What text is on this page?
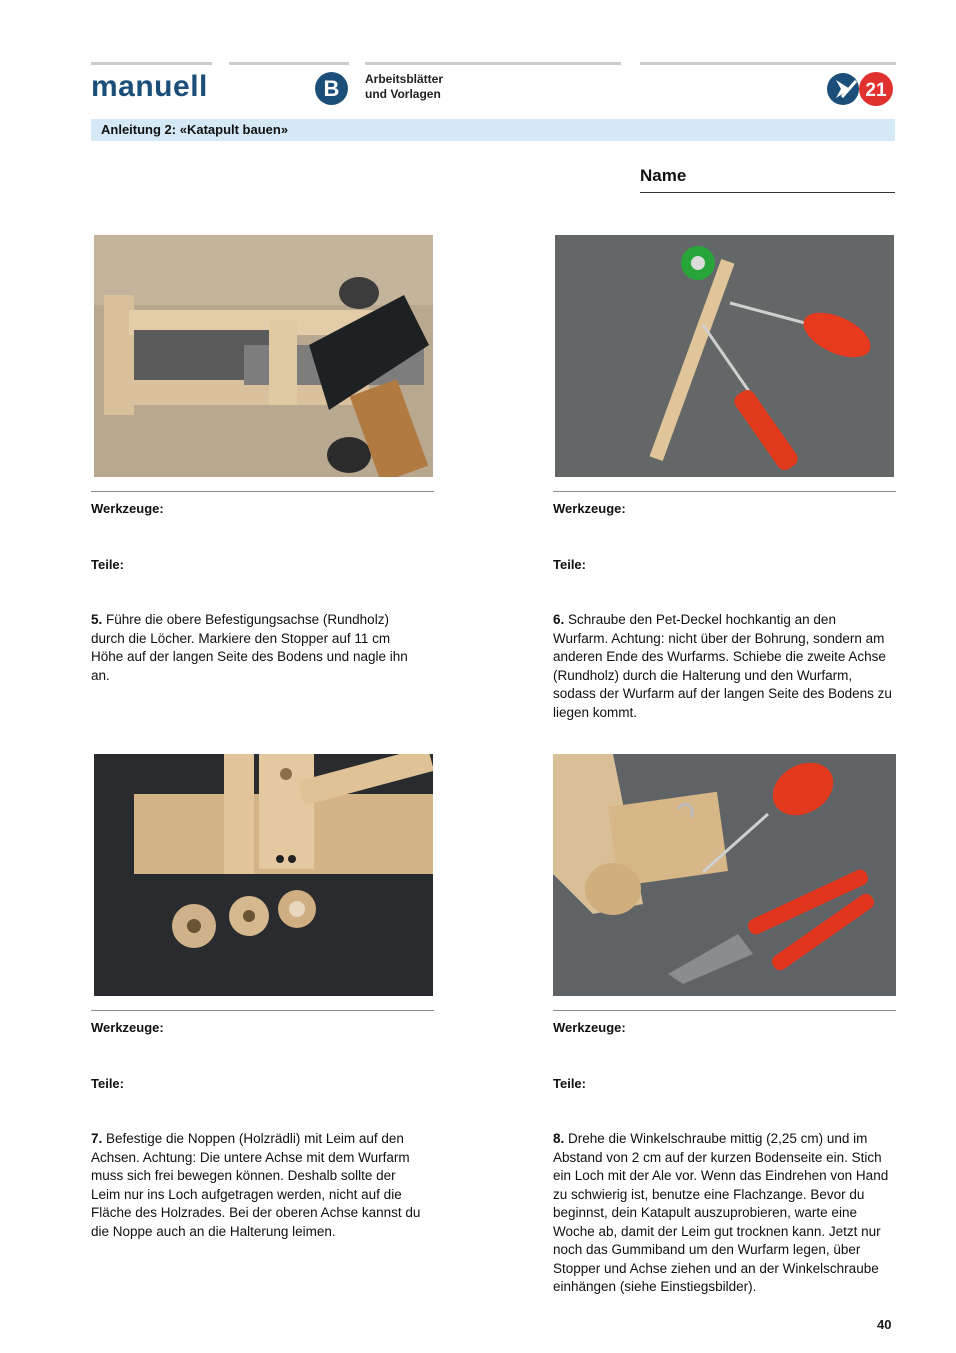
manuell	B	Arbeitsblätter
und Vorlagen	21
Anleitung 2: «Katapult bauen»
Name
Werkzeuge:	Werkzeuge:
Teile:	Teile:
5. Führe die obere Befestigungsachse (Rundholz) durch die Löcher. Markiere den Stopper auf 11 cm Höhe auf der langen Seite des Bodens und nagle ihn an.
6. Schraube den Pet-Deckel hochkantig an den Wurfarm. Achtung: nicht über der Bohrung, sondern am anderen Ende des Wurfarms. Schiebe die zweite Achse (Rundholz) durch die Halterung und den Wurfarm, sodass der Wurfarm auf der langen Seite des Bodens zu liegen kommt.
Werkzeuge:	Werkzeuge:
Teile:	Teile:
7. Befestige die Noppen (Holzrädli) mit Leim auf den Achsen. Achtung: Die untere Achse mit dem Wurfarm muss sich frei bewegen können. Deshalb sollte der Leim nur ins Loch aufgetragen werden, nicht auf die Fläche des Holzrades. Bei der oberen Achse kannst du die Noppe auch an die Halterung leimen.
8. Drehe die Winkelschraube mittig (2,25 cm) und im Abstand von 2 cm auf der kurzen Bodenseite ein. Stich ein Loch mit der Ale vor. Wenn das Eindrehen von Hand zu schwierig ist, benutze eine Flachzange. Bevor du beginnst, dein Katapult auszuprobieren, warte eine Woche ab, damit der Leim gut trocknen kann. Jetzt nur noch das Gummiband um den Wurfarm legen, über Stopper und Achse ziehen und an der Winkelschraube einhängen (siehe Einstiegsbilder).
40
